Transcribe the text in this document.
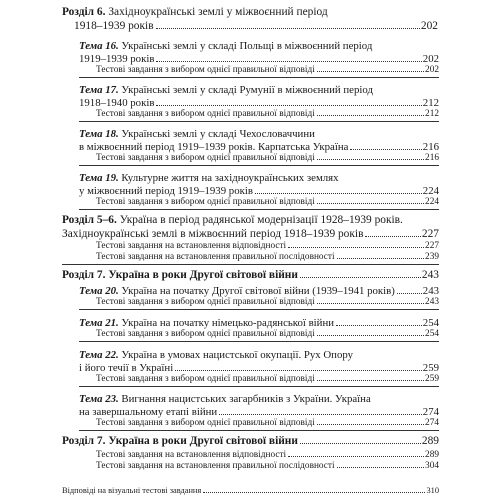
Розділ 6. Західноукраїнські землі у міжвоєнний період
1918–1939 років	202
Тема 16. Українські землі у складі Польщі в міжвоєнний період
1919–1939 років	202
Тестові завдання з вибором однієї правильної відповіді	202
Тема 17. Українські землі у складі Румунії в міжвоєнний період
1918–1940 років	212
Тестові завдання з вибором однієї правильної відповіді	212
Тема 18. Українські землі у складі Чехословаччини
в міжвоєнний період 1919–1939 років. Карпатська Україна	216
Тестові завдання з вибором однієї правильної відповіді	216
Тема 19. Культурне життя на західноукраїнських землях
у міжвоєнний період 1919–1939 років	224
Тестові завдання з вибором однієї правильної відповіді	224
Розділ 5–6. Україна в період радянської модернізації 1928–1939 років.
Західноукраїнські землі в міжвоєнний період 1918–1939 років	227
Тестові завдання на встановлення відповідності	227
Тестові завдання на встановлення правильної послідовності	239
Розділ 7. Україна в роки Другої світової війни	243
Тема 20. Україна на початку Другої світової війни (1939–1941 років)	243
Тестові завдання з вибором однієї правильної відповіді	243
Тема 21. Україна на початку німецько-радянської війни	254
Тестові завдання з вибором однієї правильної відповіді	254
Тема 22. Україна в умовах нацистської окупації. Рух Опору
і його течії в Україні	259
Тестові завдання з вибором однієї правильної відповіді	259
Тема 23. Вигнання нацистських загарбників з України. Україна
на завершальному етапі війни	274
Тестові завдання з вибором однієї правильної відповіді	274
Розділ 7. Україна в роки Другої світової війни	289
Тестові завдання на встановлення відповідності	289
Тестові завдання на встановлення правильної послідовності	304
Відповіді на візуальні тестові завдання	310
